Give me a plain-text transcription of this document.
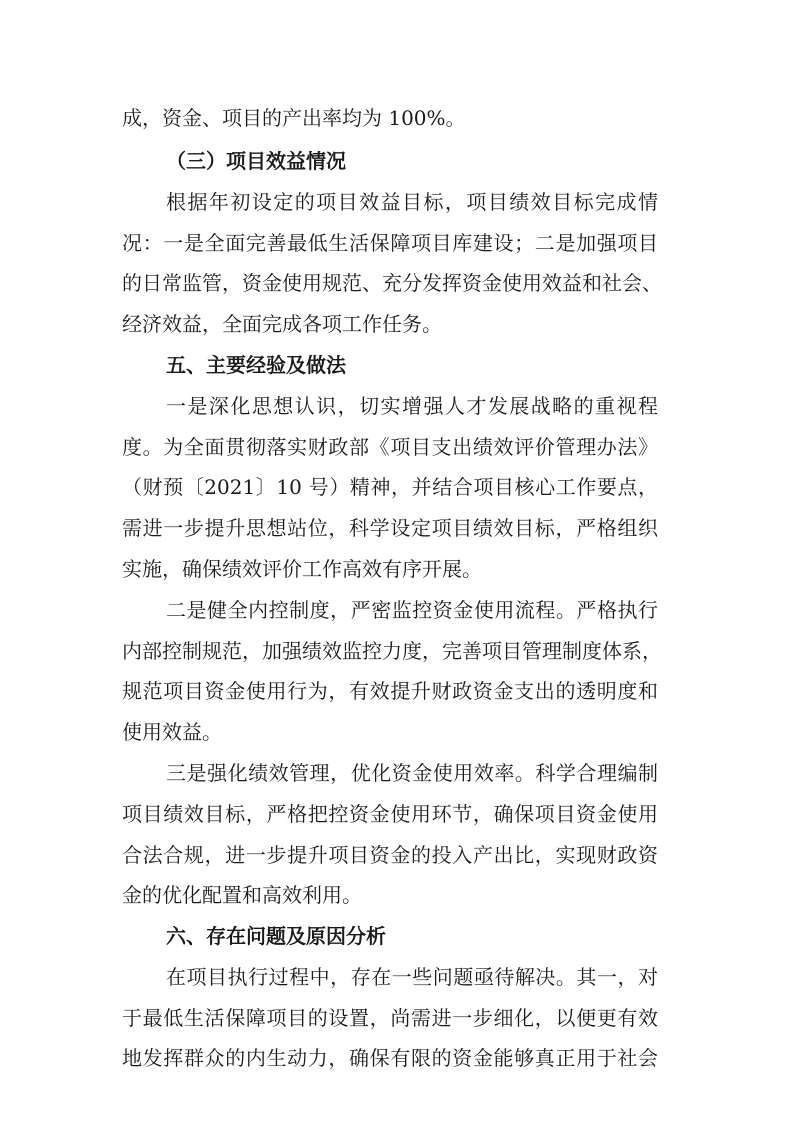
成，资金、项目的产出率均为 100%。
（三）项目效益情况
根据年初设定的项目效益目标，项目绩效目标完成情
况：一是全面完善最低生活保障项目库建设；二是加强项目
的日常监管，资金使用规范、充分发挥资金使用效益和社会、
经济效益，全面完成各项工作任务。
五、主要经验及做法
一是深化思想认识，切实增强人才发展战略的重视程
度。为全面贯彻落实财政部《项目支出绩效评价管理办法》
（财预〔2021〕10 号）精神，并结合项目核心工作要点，
需进一步提升思想站位，科学设定项目绩效目标，严格组织
实施，确保绩效评价工作高效有序开展。
二是健全内控制度，严密监控资金使用流程。严格执行
内部控制规范，加强绩效监控力度，完善项目管理制度体系，
规范项目资金使用行为，有效提升财政资金支出的透明度和
使用效益。
三是强化绩效管理，优化资金使用效率。科学合理编制
项目绩效目标，严格把控资金使用环节，确保项目资金使用
合法合规，进一步提升项目资金的投入产出比，实现财政资
金的优化配置和高效利用。
六、存在问题及原因分析
在项目执行过程中，存在一些问题亟待解决。其一，对
于最低生活保障项目的设置，尚需进一步细化，以便更有效
地发挥群众的内生动力，确保有限的资金能够真正用于社会
